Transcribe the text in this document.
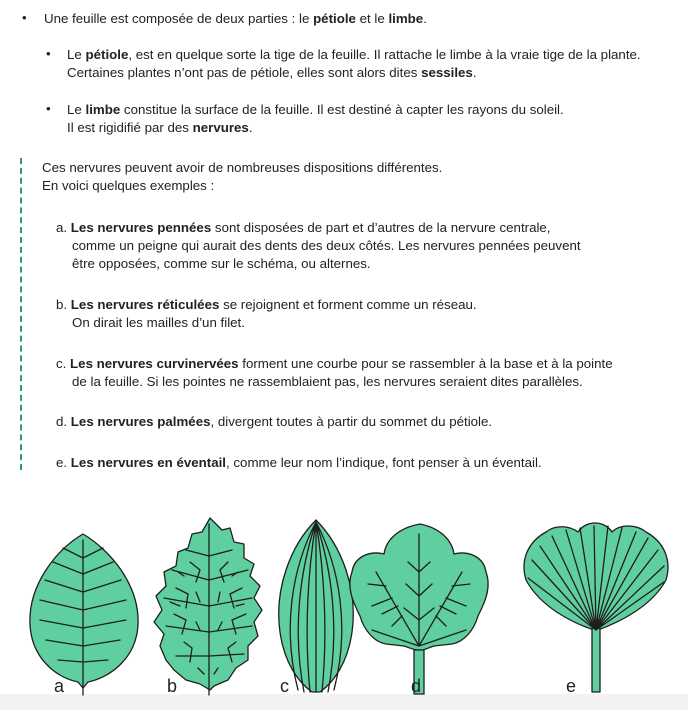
• Une feuille est composée de deux parties : le pétiole et le limbe.
• Le pétiole, est en quelque sorte la tige de la feuille. Il rattache le limbe à la vraie tige de la plante.
Certaines plantes n’ont pas de pétiole, elles sont alors dites sessiles.
• Le limbe constitue la surface de la feuille. Il est destiné à capter les rayons du soleil.
Il est rigidifié par des nervures.
Ces nervures peuvent avoir de nombreuses dispositions différentes.
En voici quelques exemples :
a. Les nervures pennées sont disposées de part et d’autres de la nervure centrale,
comme un peigne qui aurait des dents des deux côtés. Les nervures pennées peuvent
être opposées, comme sur le schéma, ou alternes.
b. Les nervures réticulées se rejoignent et forment comme un réseau.
On dirait les mailles d’un filet.
c. Les nervures curvinervées forment une courbe pour se rassembler à la base et à la pointe
de la feuille. Si les pointes ne rassemblaient pas, les nervures seraient dites parallèles.
d. Les nervures palmées, divergent toutes à partir du sommet du pétiole.
e. Les nervures en éventail, comme leur nom l’indique, font penser à un éventail.
a	b	c	d	e
